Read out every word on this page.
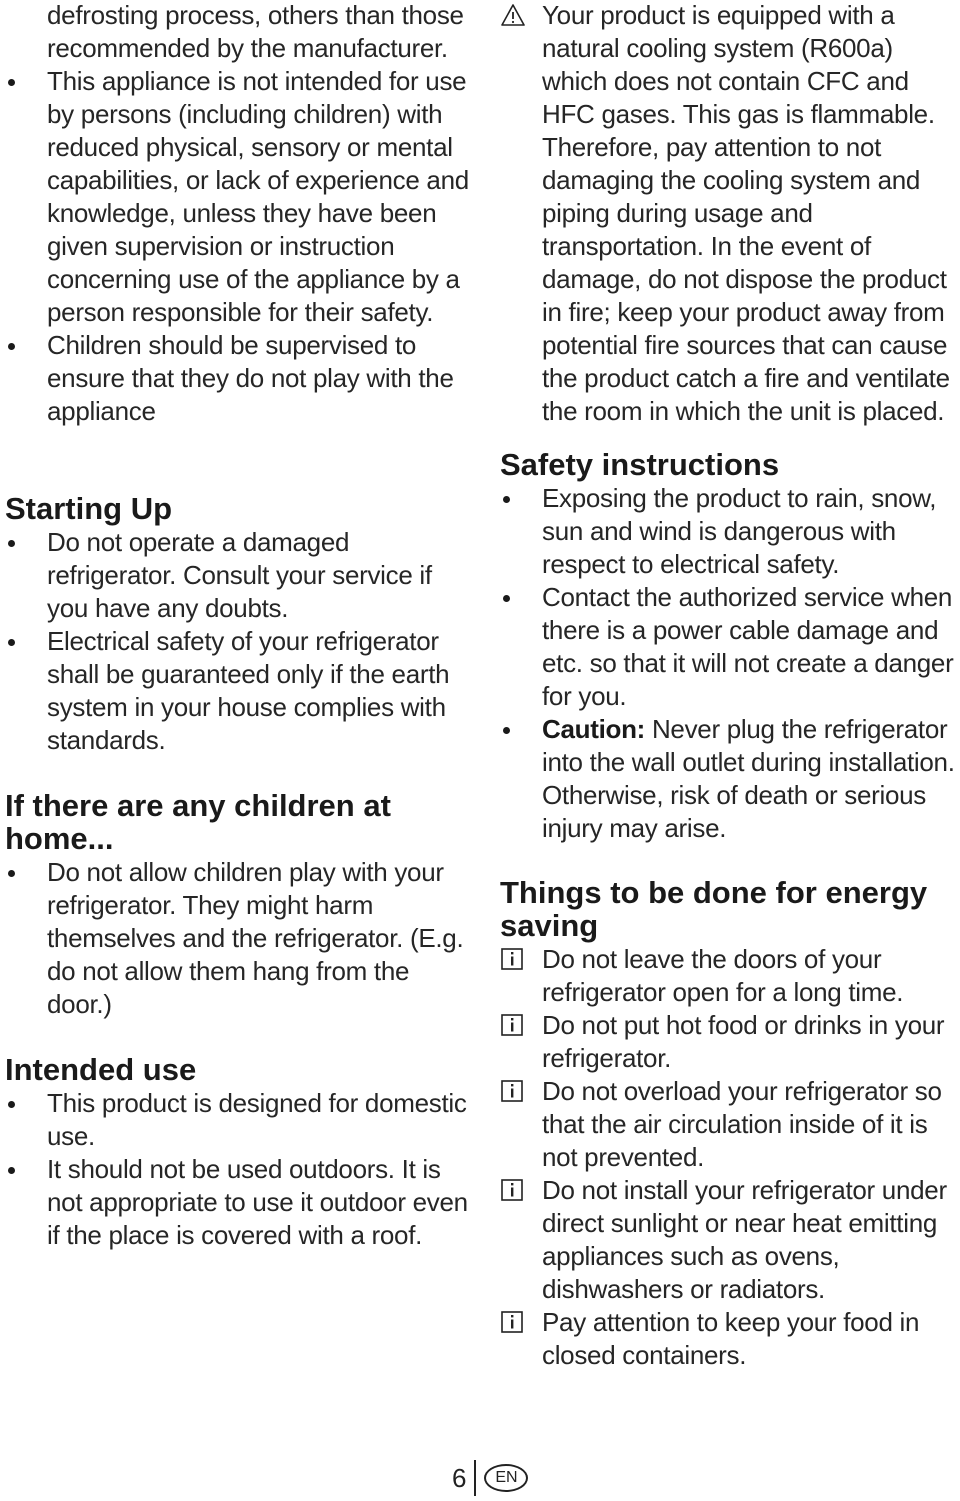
defrosting process, others than those recommended by the manufacturer.
This appliance is not intended for use by persons (including children) with reduced physical, sensory or mental capabilities, or lack of experience and knowledge, unless they have been given supervision or instruction concerning use of the appliance by a person responsible for their safety.
Children should be supervised to ensure that they do not play with the appliance
Starting Up
Do not operate a damaged refrigerator. Consult your service if you have any doubts.
Electrical safety of your refrigerator shall be guaranteed only if the earth system in your house complies with standards.
If there are any children at home...
Do not allow children play with your refrigerator. They might harm themselves and the refrigerator. (E.g. do not allow them hang from the door.)
Intended use
This product is designed for domestic use.
It should not be used outdoors. It is not appropriate to use it outdoor even if the place is covered with a roof.
Your product is equipped with a natural cooling system (R600a) which does not contain CFC and HFC gases. This gas is flammable. Therefore, pay attention to not damaging the cooling system and piping during usage and transportation. In the event of damage, do not dispose the product in fire; keep your product away from potential fire sources that can cause the product catch a fire and ventilate the room in which the unit is placed.
Safety instructions
Exposing the product to rain, snow, sun and wind is dangerous with respect to electrical safety.
Contact the authorized service when there is a power cable damage and etc. so that it will not create a danger for you.
Caution: Never plug the refrigerator into the wall outlet during installation. Otherwise, risk of death or serious injury may arise.
Things to be done for energy saving
Do not leave the doors of your refrigerator open for a long time.
Do not put hot food or drinks in your refrigerator.
Do not overload your refrigerator so that the air circulation inside of it is not prevented.
Do not install your refrigerator under direct sunlight or near heat emitting appliances such as ovens, dishwashers or radiators.
Pay attention to keep your food in closed containers.
6	EN
